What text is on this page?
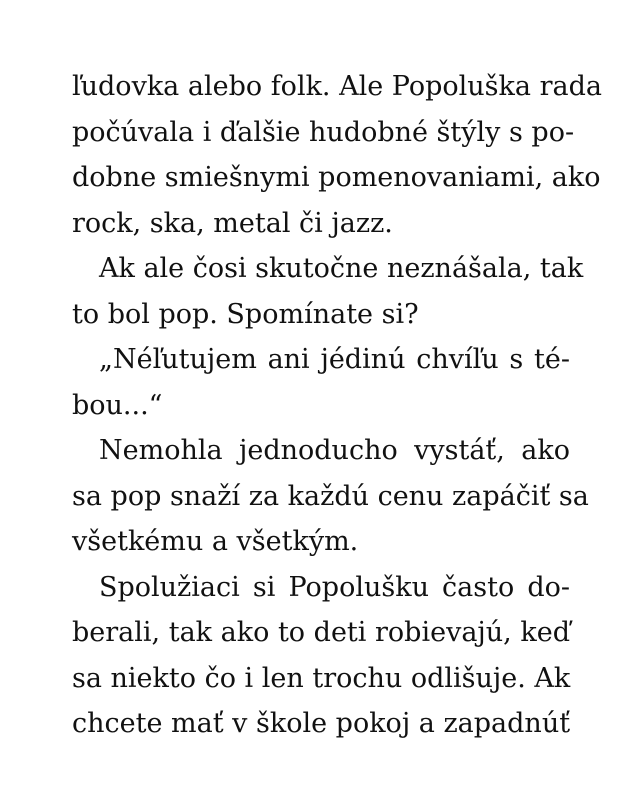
ľudovka alebo folk. Ale Popoluška rada
počúvala i ďalšie hudobné štýly s po-
dobne smiešnymi pomenovaniami, ako
rock, ska, metal či jazz.
Ak ale čosi skutočne neznášala, tak
to bol pop. Spomínate si?
„Néľutujem ani jédinú chvíľu s té-
bou...“
Nemohla jednoducho vystáť, ako
sa pop snaží za každú cenu zapáčiť sa
všetkému a všetkým.
Spolužiaci si Popolušku často do-
berali, tak ako to deti robievajú, keď
sa niekto čo i len trochu odlišuje. Ak
chcete mať v škole pokoj a zapadnúť
